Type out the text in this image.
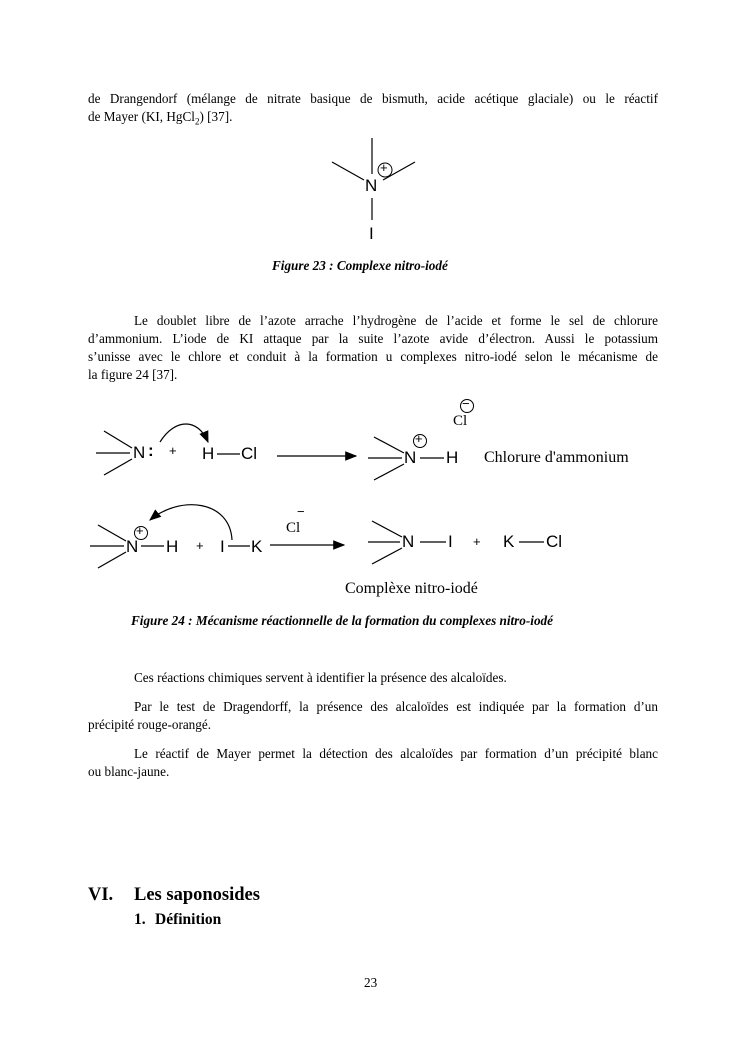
de Drangendorf (mélange de nitrate basique de bismuth, acide acétique glaciale) ou le réactif
de Mayer (KI, HgCl$_2$) [37].
N
+
I
Figure 23 : Complexe nitro-iodé
Le doublet libre de l’azote arrache l’hydrogène de l’acide et forme le sel de chlorure
d’ammonium. L’iode de KI attaque par la suite l’azote avide d’électron. Aussi le potassium
s’unisse avec le chlore et conduit à la formation u complexes nitro-iodé selon le mécanisme de
la figure 24 [37].
N : + H Cl
Cl
−
N
+
H Chlorure d'ammonium
N
+
H + I K
Cl
−
N I + K Cl
Complèxe nitro-iodé
Figure 24 : Mécanisme réactionnelle de la formation du complexes nitro-iodé
Ces réactions chimiques servent à identifier la présence des alcaloïdes.
Par le test de Dragendorff, la présence des alcaloïdes est indiquée par la formation d’un
précipité rouge-orangé.
Le réactif de Mayer permet la détection des alcaloïdes par formation d’un précipité blanc
ou blanc-jaune.
VI. Les saponosides
1. Définition
23
